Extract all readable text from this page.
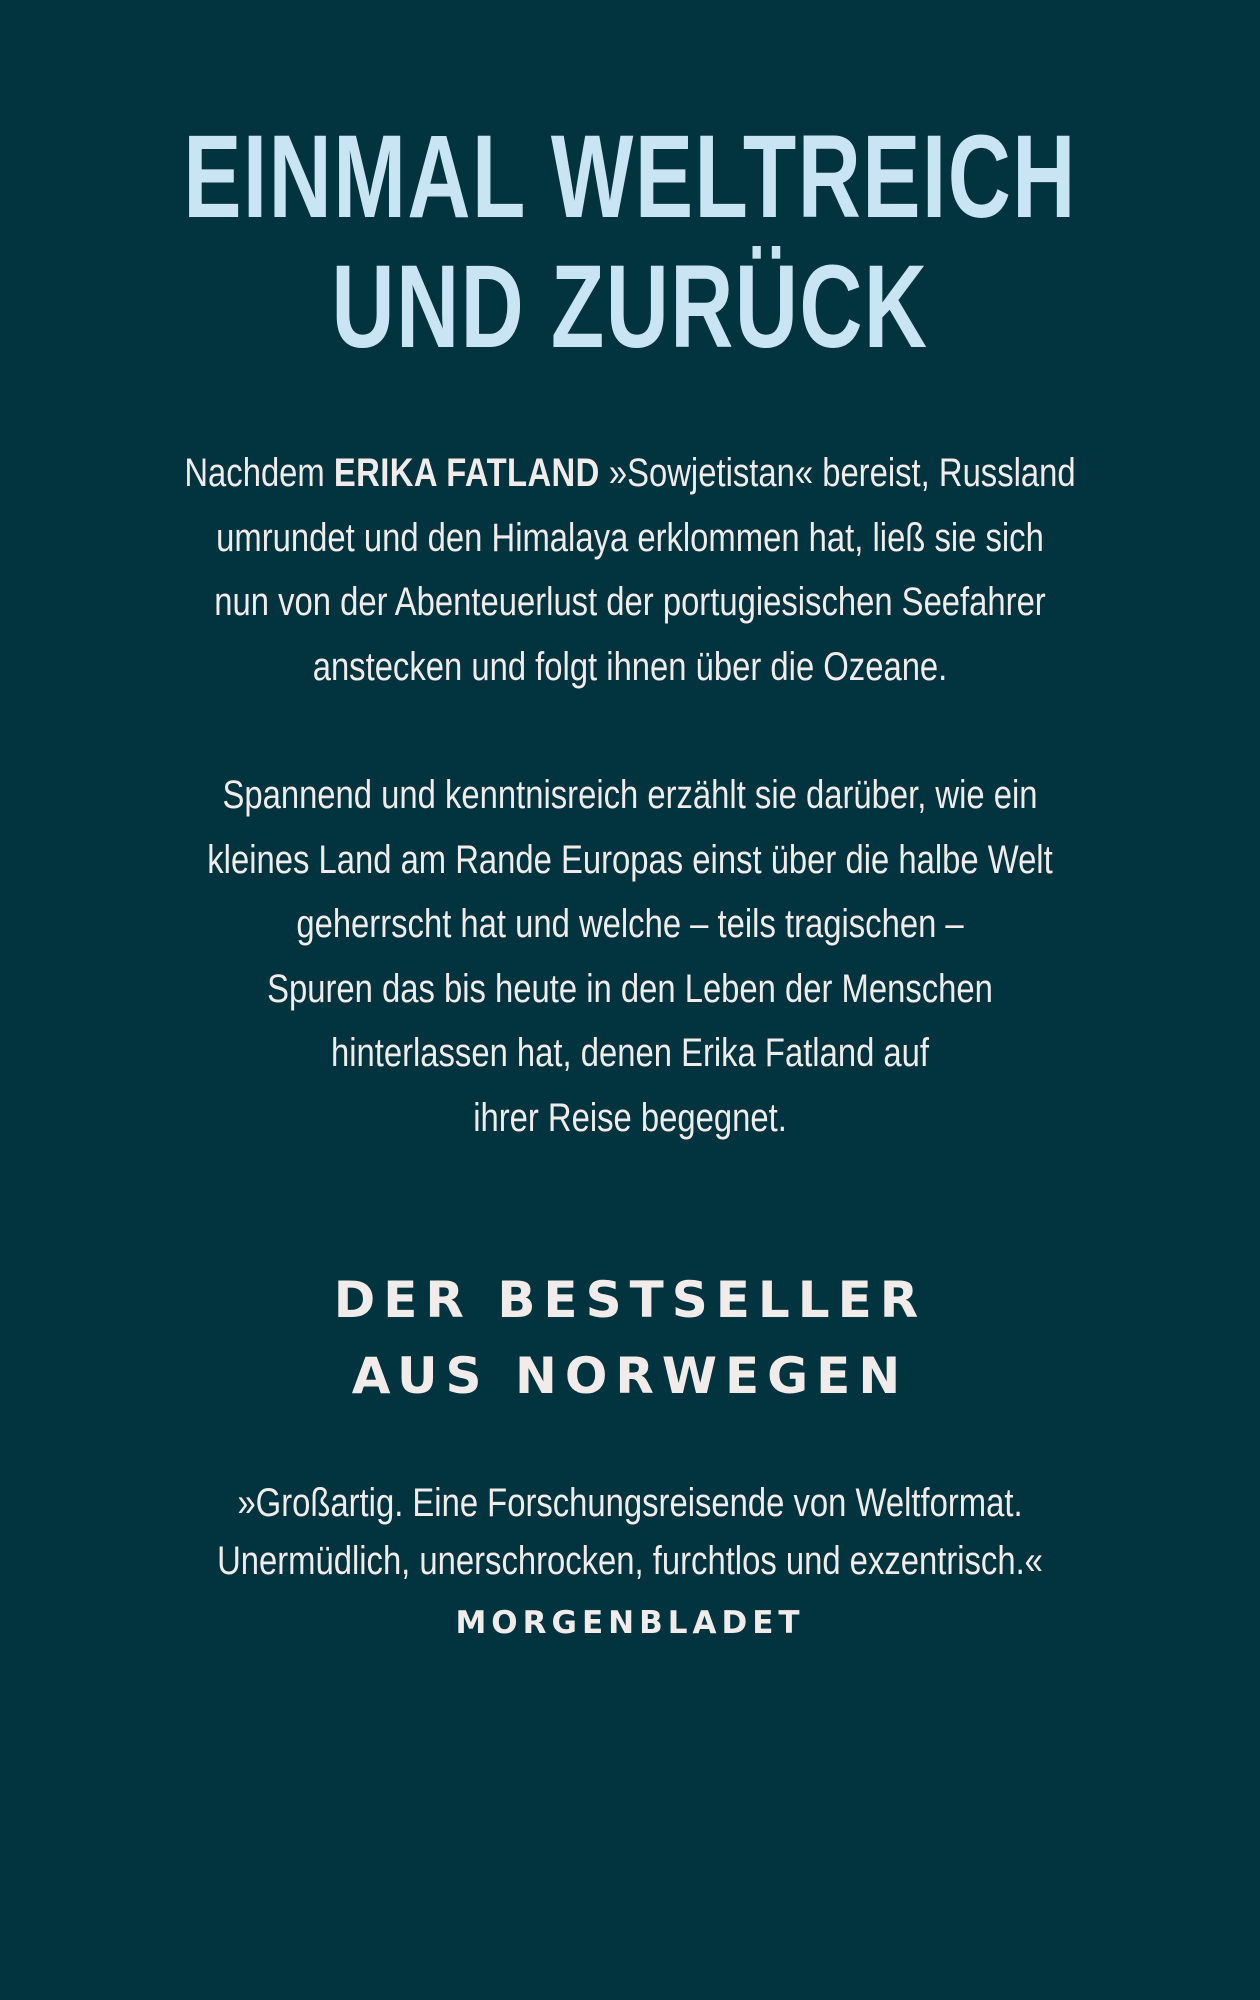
EINMAL WELTREICH
UND ZURÜCK

Nachdem ERIKA FATLAND »Sowjetistan« bereist, Russland
umrundet und den Himalaya erklommen hat, ließ sie sich
nun von der Abenteuerlust der portugiesischen Seefahrer
anstecken und folgt ihnen über die Ozeane.

Spannend und kenntnisreich erzählt sie darüber, wie ein
kleines Land am Rande Europas einst über die halbe Welt
geherrscht hat und welche – teils tragischen –
Spuren das bis heute in den Leben der Menschen
hinterlassen hat, denen Erika Fatland auf
ihrer Reise begegnet.

DER BESTSELLER
AUS NORWEGEN
»Großartig. Eine Forschungsreisende von Weltformat.
Unermüdlich, unerschrocken, furchtlos und exzentrisch.«
MORGENBLADET
